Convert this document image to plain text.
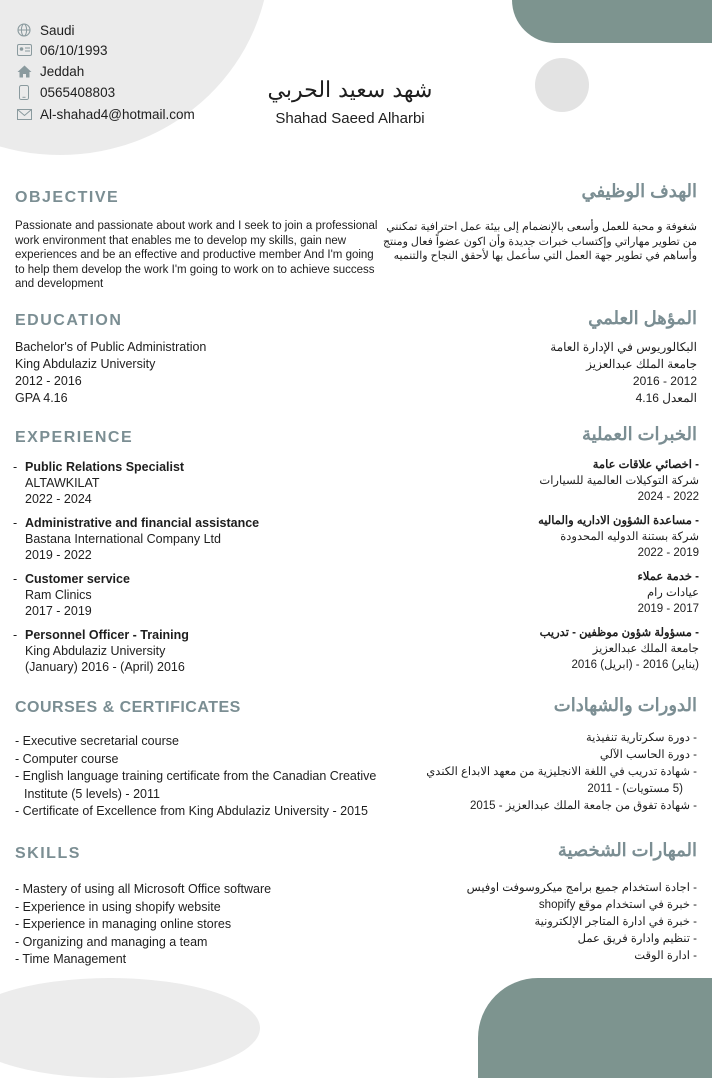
Saudi
06/10/1993
Jeddah
0565408803
Al-shahad4@hotmail.com
شهد سعيد الحربي
Shahad Saeed Alharbi
OBJECTIVE	الهدف الوظيفي
Passionate and passionate about work and I seek to join a professional work environment that enables me to develop my skills, gain new experiences and be an effective and productive member And I'm going to help them develop the work I'm going to work on to achieve success and development
شغوفة و محبة للعمل وأسعى بالإنضمام إلى بيئة عمل احترافية تمكنني من تطوير مهاراتي وإكتساب خبرات جديدة وأن اكون عضواً فعال ومنتج وأساهم في تطوير جهة العمل التي سأعمل بها لأحقق النجاح والتنميه
EDUCATION	المؤهل العلمي
Bachelor's of Public Administration
King Abdulaziz University
2012 - 2016
GPA 4.16
البكالوريوس في الإدارة العامة
جامعة الملك عبدالعزيز
2012 - 2016
المعدل 4.16
EXPERIENCE	الخبرات العملية
- Public Relations Specialist
ALTAWKILAT
2022 - 2024
- Administrative and financial assistance
Bastana International Company Ltd
2019 - 2022
- Customer service
Ram Clinics
2017 - 2019
- Personnel Officer - Training
King Abdulaziz University
(January) 2016 - (April) 2016
- اخصائي علاقات عامة
شركة التوكيلات العالمية للسيارات
2022 - 2024
- مساعدة الشؤون الاداريه والماليه
شركة بستنة الدوليه المحدودة
2019 - 2022
- خدمة عملاء
عيادات رام
2017 - 2019
- مسؤولة شؤون موظفين - تدريب
جامعة الملك عبدالعزيز
(يناير) 2016 - (ابريل) 2016
COURSES & CERTIFICATES	الدورات والشهادات
- Executive secretarial course
- Computer course
- English language training certificate from the Canadian Creative
Institute (5 levels) - 2011
- Certificate of Excellence from King Abdulaziz University - 2015
- دورة سكرتارية تنفيذية
- دورة الحاسب الآلي
- شهادة تدريب في اللغة الانجليزية من معهد الابداع الكندي
(5 مستويات) - 2011
- شهادة تفوق من جامعة الملك عبدالعزيز - 2015
SKILLS	المهارات الشخصية
- Mastery of using all Microsoft Office software
- Experience in using shopify website
- Experience in managing online stores
- Organizing and managing a team
- Time Management
- اجادة استخدام جميع برامج ميكروسوفت اوفيس
- خبرة في استخدام موقع shopify
- خبرة في ادارة المتاجر الإلكترونية
- تنظيم وادارة فريق عمل
- ادارة الوقت
